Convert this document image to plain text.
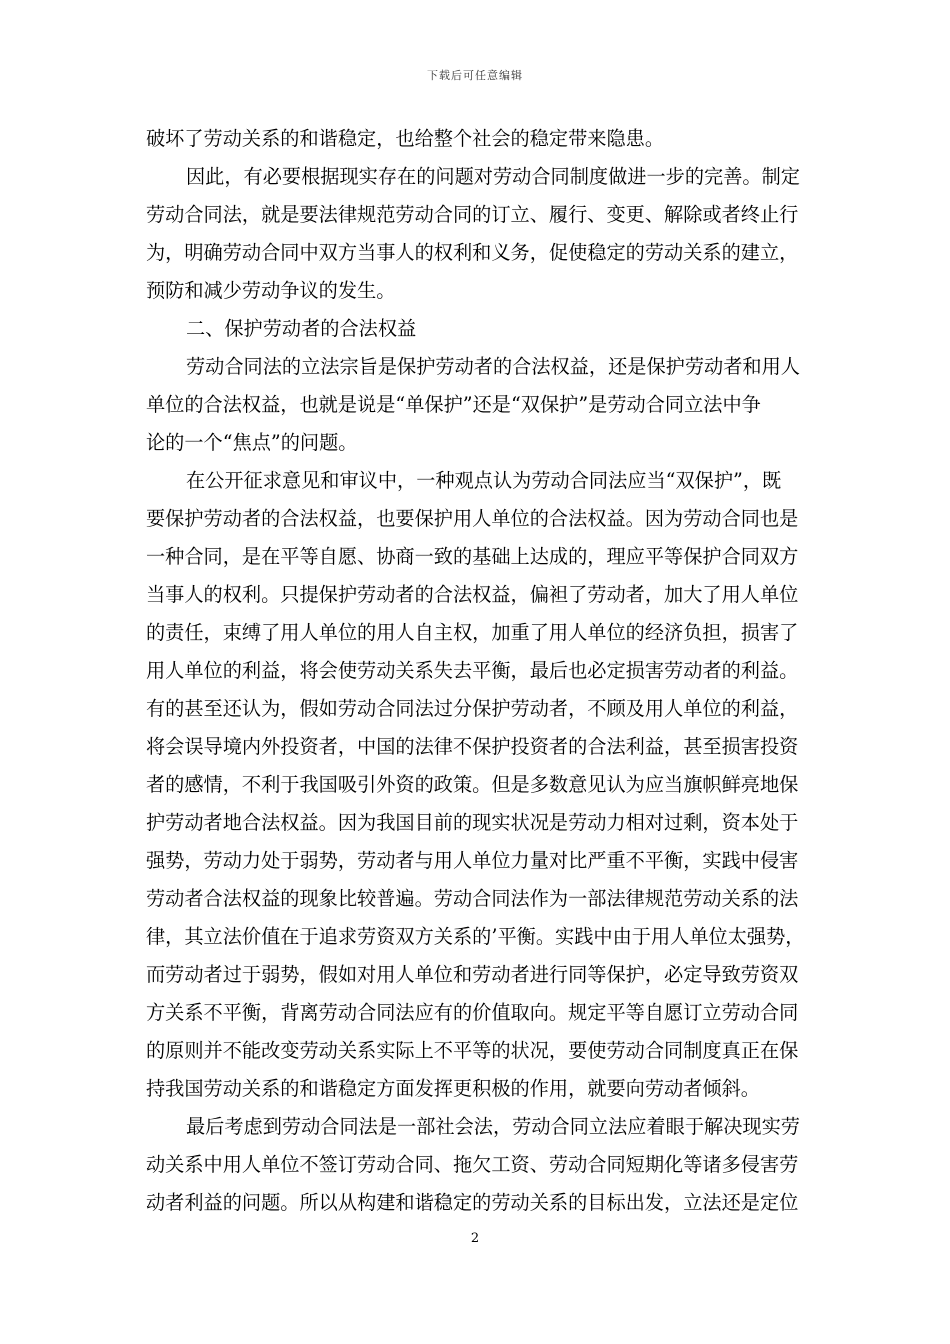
下载后可任意编辑
破坏了劳动关系的和谐稳定，也给整个社会的稳定带来隐患。
因此，有必要根据现实存在的问题对劳动合同制度做进一步的完善。制定
劳动合同法，就是要法律规范劳动合同的订立、履行、变更、解除或者终止行
为，明确劳动合同中双方当事人的权利和义务，促使稳定的劳动关系的建立，
预防和减少劳动争议的发生。
二、保护劳动者的合法权益
劳动合同法的立法宗旨是保护劳动者的合法权益，还是保护劳动者和用人
单位的合法权益，也就是说是“单保护”还是“双保护”是劳动合同立法中争
论的一个“焦点”的问题。
在公开征求意见和审议中，一种观点认为劳动合同法应当“双保护”，既
要保护劳动者的合法权益，也要保护用人单位的合法权益。因为劳动合同也是
一种合同，是在平等自愿、协商一致的基础上达成的，理应平等保护合同双方
当事人的权利。只提保护劳动者的合法权益，偏袒了劳动者，加大了用人单位
的责任，束缚了用人单位的用人自主权，加重了用人单位的经济负担，损害了
用人单位的利益，将会使劳动关系失去平衡，最后也必定损害劳动者的利益。
有的甚至还认为，假如劳动合同法过分保护劳动者，不顾及用人单位的利益，
将会误导境内外投资者，中国的法律不保护投资者的合法利益，甚至损害投资
者的感情，不利于我国吸引外资的政策。但是多数意见认为应当旗帜鲜亮地保
护劳动者地合法权益。因为我国目前的现实状况是劳动力相对过剩，资本处于
强势，劳动力处于弱势，劳动者与用人单位力量对比严重不平衡，实践中侵害
劳动者合法权益的现象比较普遍。劳动合同法作为一部法律规范劳动关系的法
律，其立法价值在于追求劳资双方关系的’平衡。实践中由于用人单位太强势，
而劳动者过于弱势，假如对用人单位和劳动者进行同等保护，必定导致劳资双
方关系不平衡，背离劳动合同法应有的价值取向。规定平等自愿订立劳动合同
的原则并不能改变劳动关系实际上不平等的状况，要使劳动合同制度真正在保
持我国劳动关系的和谐稳定方面发挥更积极的作用，就要向劳动者倾斜。
最后考虑到劳动合同法是一部社会法，劳动合同立法应着眼于解决现实劳
动关系中用人单位不签订劳动合同、拖欠工资、劳动合同短期化等诸多侵害劳
动者利益的问题。所以从构建和谐稳定的劳动关系的目标出发，立法还是定位
2
